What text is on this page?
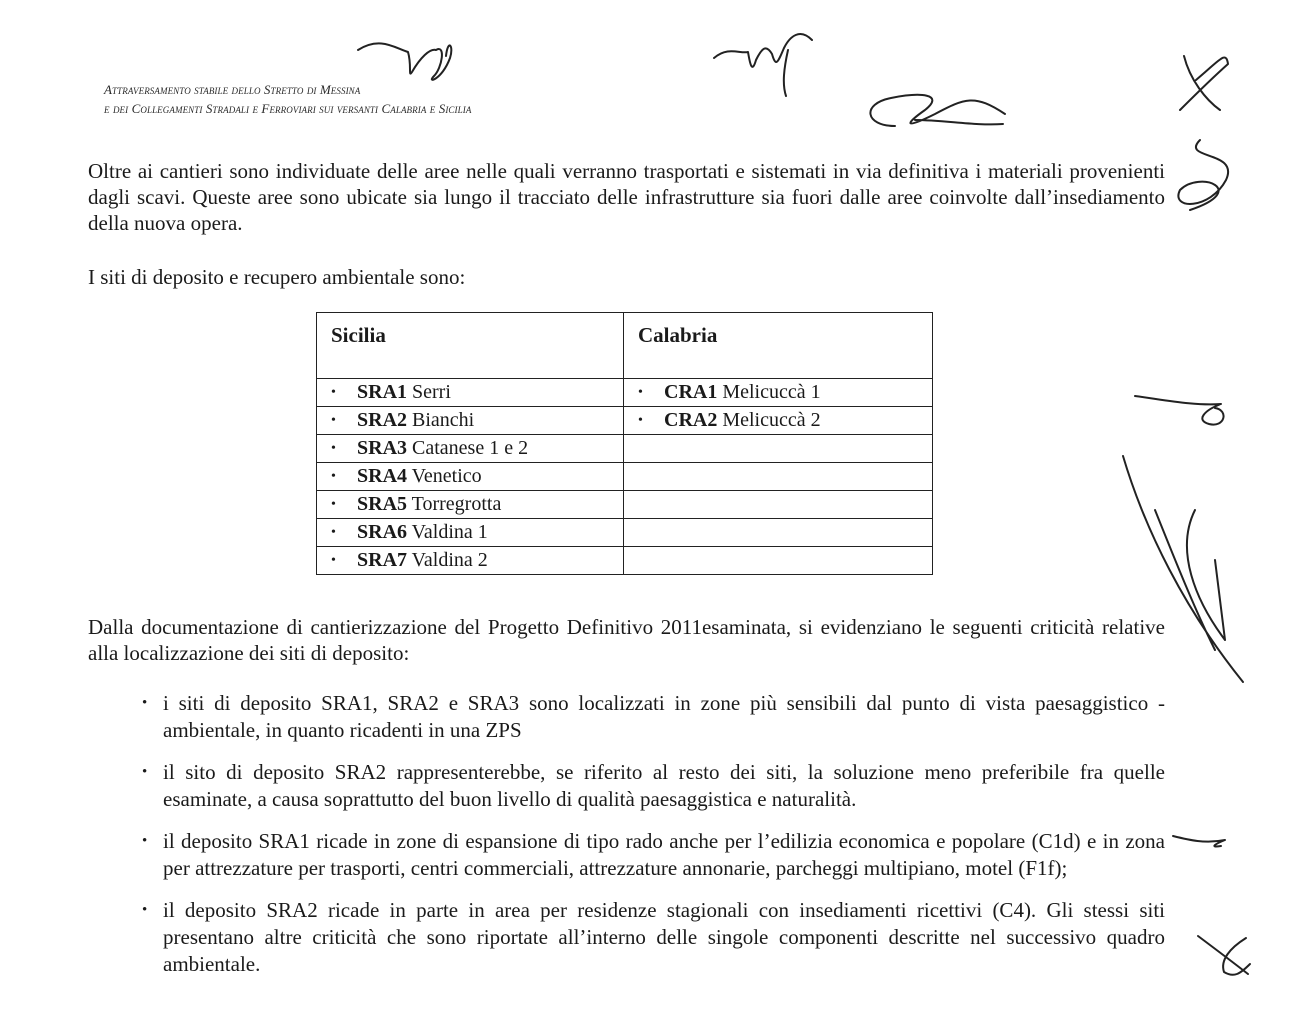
Attraversamento stabile dello Stretto di Messina
e dei Collegamenti Stradali e Ferroviari sui versanti Calabria e Sicilia

Oltre ai cantieri sono individuate delle aree nelle quali verranno trasportati e sistemati in via definitiva i materiali provenienti dagli scavi. Queste aree sono ubicate sia lungo il tracciato delle infrastrutture sia fuori dalle aree coinvolte dall’insediamento della nuova opera.

I siti di deposito e recupero ambientale sono:

Sicilia	Calabria
• SRA1 Serri	• CRA1 Melicuccà 1
• SRA2 Bianchi	• CRA2 Melicuccà 2
• SRA3 Catanese 1 e 2	
• SRA4 Venetico	
• SRA5 Torregrotta	
• SRA6 Valdina 1	
• SRA7 Valdina 2	

Dalla documentazione di cantierizzazione del Progetto Definitivo 2011esaminata, si evidenziano le seguenti criticità relative alla localizzazione dei siti di deposito:

• i siti di deposito SRA1, SRA2 e SRA3 sono localizzati in zone più sensibili dal punto di vista paesaggistico - ambientale, in quanto ricadenti in una ZPS
• il sito di deposito SRA2 rappresenterebbe, se riferito al resto dei siti, la soluzione meno preferibile fra quelle esaminate, a causa soprattutto del buon livello di qualità paesaggistica e naturalità.
• il deposito SRA1 ricade in zone di espansione di tipo rado anche per l’edilizia economica e popolare (C1d) e in zona per attrezzature per trasporti, centri commerciali, attrezzature annonarie, parcheggi multipiano, motel (F1f);
• il deposito SRA2 ricade in parte in area per residenze stagionali con insediamenti ricettivi (C4). Gli stessi siti presentano altre criticità che sono riportate all’interno delle singole componenti descritte nel successivo quadro ambientale.
